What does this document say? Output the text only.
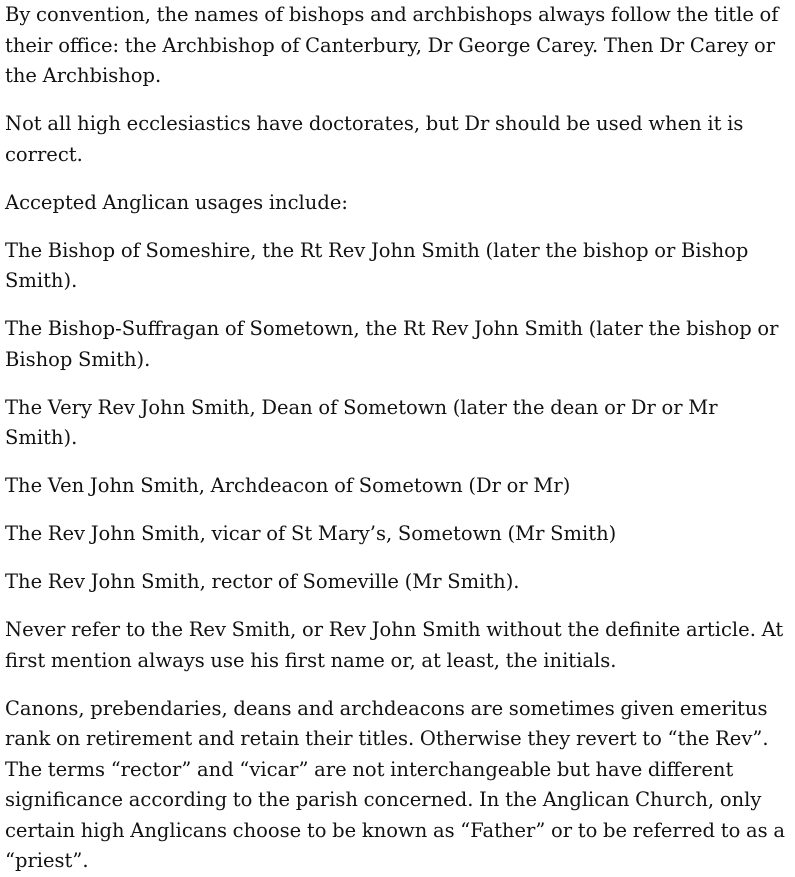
By convention, the names of bishops and archbishops always follow the title of their office: the Archbishop of Canterbury, Dr George Carey. Then Dr Carey or the Archbishop.

Not all high ecclesiastics have doctorates, but Dr should be used when it is correct.

Accepted Anglican usages include:

The Bishop of Someshire, the Rt Rev John Smith (later the bishop or Bishop Smith).

The Bishop-Suffragan of Sometown, the Rt Rev John Smith (later the bishop or Bishop Smith).

The Very Rev John Smith, Dean of Sometown (later the dean or Dr or Mr Smith).

The Ven John Smith, Archdeacon of Sometown (Dr or Mr)

The Rev John Smith, vicar of St Mary’s, Sometown (Mr Smith)

The Rev John Smith, rector of Someville (Mr Smith).

Never refer to the Rev Smith, or Rev John Smith without the definite article. At first mention always use his first name or, at least, the initials.

Canons, prebendaries, deans and archdeacons are sometimes given emeritus rank on retirement and retain their titles. Otherwise they revert to “the Rev”. The terms “rector” and “vicar” are not interchangeable but have different significance according to the parish concerned. In the Anglican Church, only certain high Anglicans choose to be known as “Father” or to be referred to as a “priest”.
